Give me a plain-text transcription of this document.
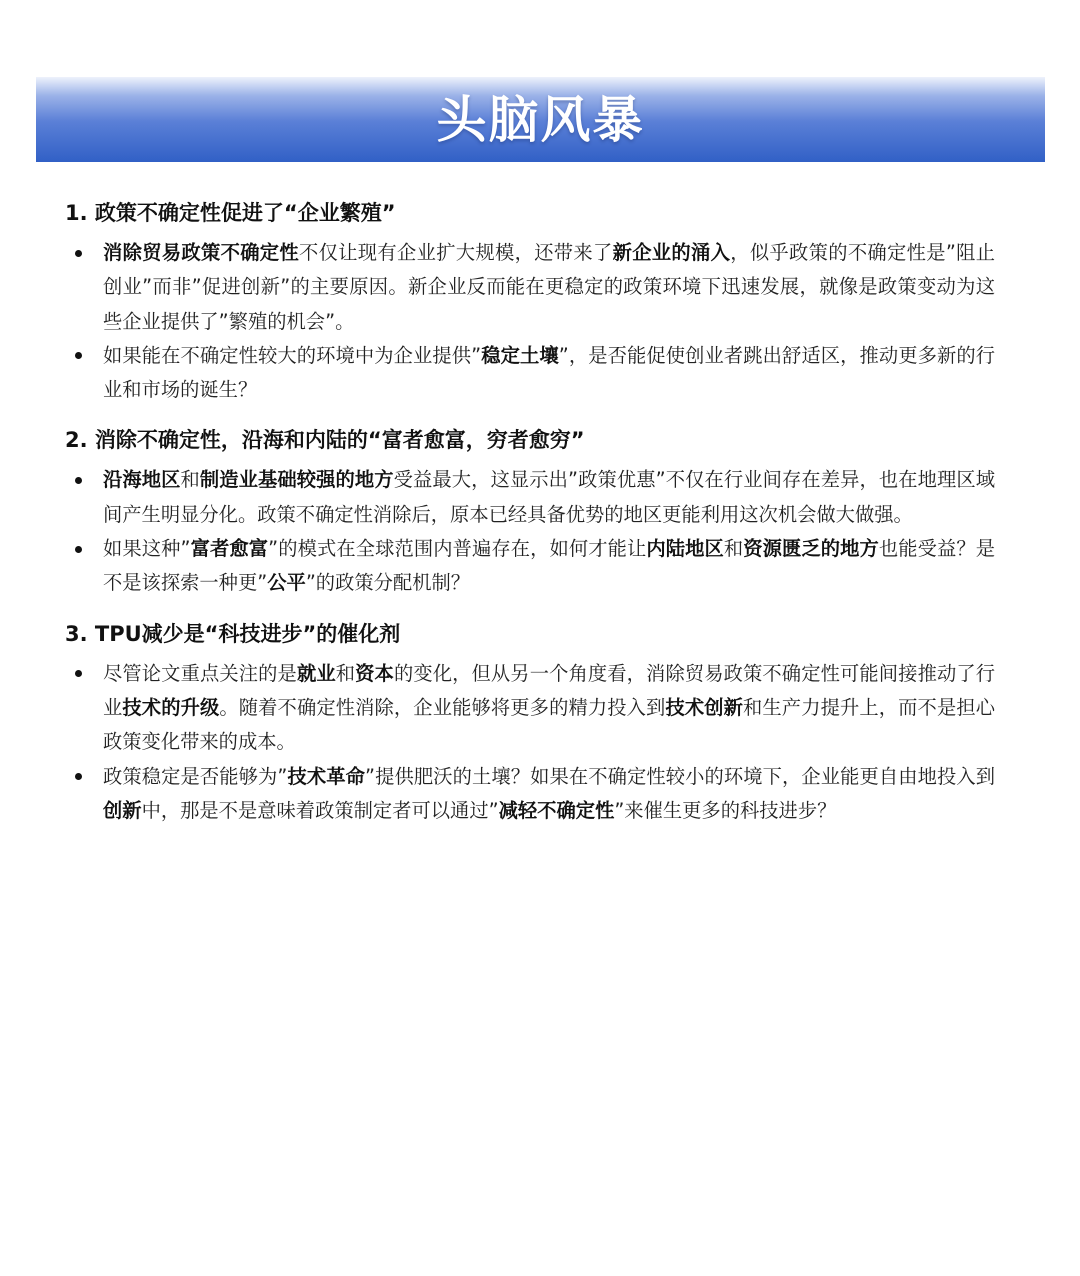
头脑风暴
1. 政策不确定性促进了“企业繁殖”

消除贸易政策不确定性不仅让现有企业扩大规模，还带来了新企业的涌入，似乎政策的不确定性是”阻止创业”而非”促进创新”的主要原因。新企业反而能在更稳定的政策环境下迅速发展，就像是政策变动为这些企业提供了”繁殖的机会”。

如果能在不确定性较大的环境中为企业提供”稳定土壤”，是否能促使创业者跳出舒适区，推动更多新的行业和市场的诞生？

2. 消除不确定性，沿海和内陆的“富者愈富，穷者愈穷”

沿海地区和制造业基础较强的地方受益最大，这显示出”政策优惠”不仅在行业间存在差异，也在地理区域间产生明显分化。政策不确定性消除后，原本已经具备优势的地区更能利用这次机会做大做强。

如果这种”富者愈富”的模式在全球范围内普遍存在，如何才能让内陆地区和资源匮乏的地方也能受益？是不是该探索一种更”公平”的政策分配机制？

3. TPU减少是“科技进步”的催化剂

尽管论文重点关注的是就业和资本的变化，但从另一个角度看，消除贸易政策不确定性可能间接推动了行业技术的升级。随着不确定性消除，企业能够将更多的精力投入到技术创新和生产力提升上，而不是担心政策变化带来的成本。

政策稳定是否能够为”技术革命”提供肥沃的土壤？如果在不确定性较小的环境下，企业能更自由地投入到创新中，那是不是意味着政策制定者可以通过”减轻不确定性”来催生更多的科技进步？
